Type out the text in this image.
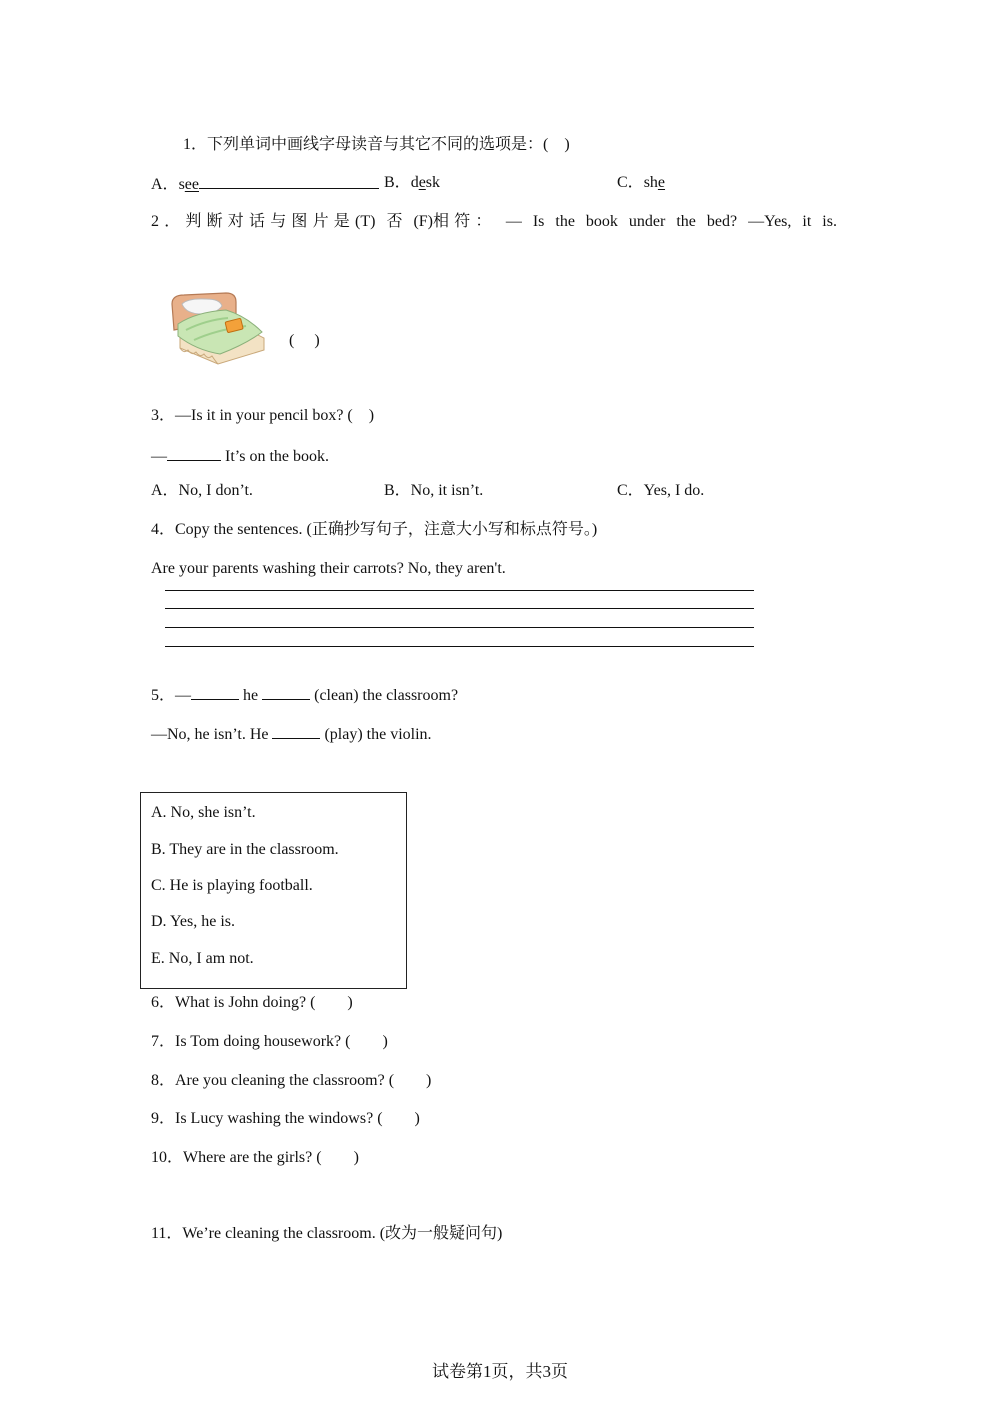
1．下列单词中画线字母读音与其它不同的选项是：(　)
A．see	B．desk	C．she
2．判断对话与图片是(T) 否 (F)相符： — Is the book under the bed? —Yes, it is.
(　 )
3．—Is it in your pencil box? (　)
—	It’s on the book.
A．No, I don’t.	B．No, it isn’t.	C．Yes, I do.
4．Copy the sentences. (正确抄写句子，注意大小写和标点符号。)
Are your parents washing their carrots? No, they aren't.
5．—	he	(clean) the classroom?
—No, he isn’t. He	(play) the violin.
A. No, she isn’t.
B. They are in the classroom.
C. He is playing football.
D. Yes, he is.
E. No, I am not.
6．What is John doing? (　　)
7．Is Tom doing housework? (　　)
8．Are you cleaning the classroom? (　　)
9．Is Lucy washing the windows? (　　)
10．Where are the girls? (　　)
11．We’re cleaning the classroom. (改为一般疑问句)
试卷第1页，共3页
